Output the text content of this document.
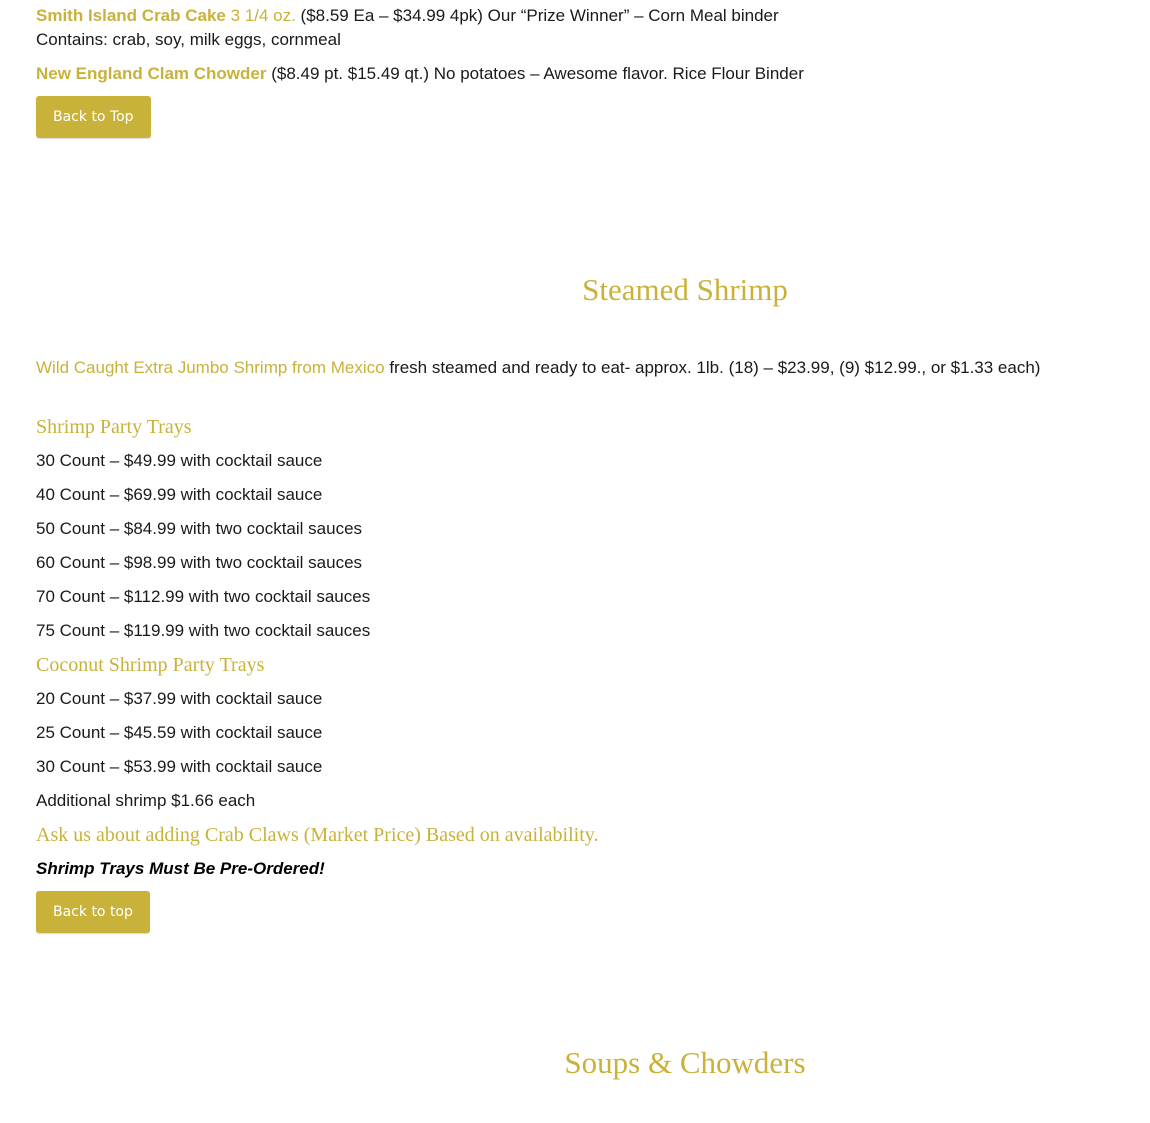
Smith Island Crab Cake 3 1/4 oz. ($8.59 Ea – $34.99 4pk) Our “Prize Winner” – Corn Meal binder
Contains: crab, soy, milk eggs, cornmeal
New England Clam Chowder ($8.49 pt. $15.49 qt.) No potatoes – Awesome flavor. Rice Flour Binder
Back to Top
Steamed Shrimp
Wild Caught Extra Jumbo Shrimp from Mexico fresh steamed and ready to eat- approx. 1lb. (18) – $23.99, (9) $12.99., or $1.33 each)
Shrimp Party Trays
30 Count – $49.99 with cocktail sauce
40 Count – $69.99 with cocktail sauce
50 Count – $84.99 with two cocktail sauces
60 Count – $98.99 with two cocktail sauces
70 Count – $112.99 with two cocktail sauces
75 Count – $119.99 with two cocktail sauces
Coconut Shrimp Party Trays
20 Count – $37.99 with cocktail sauce
25 Count – $45.59 with cocktail sauce
30 Count – $53.99 with cocktail sauce
Additional shrimp $1.66 each
Ask us about adding Crab Claws (Market Price) Based on availability.
Shrimp Trays Must Be Pre-Ordered!
Back to top
Soups & Chowders
